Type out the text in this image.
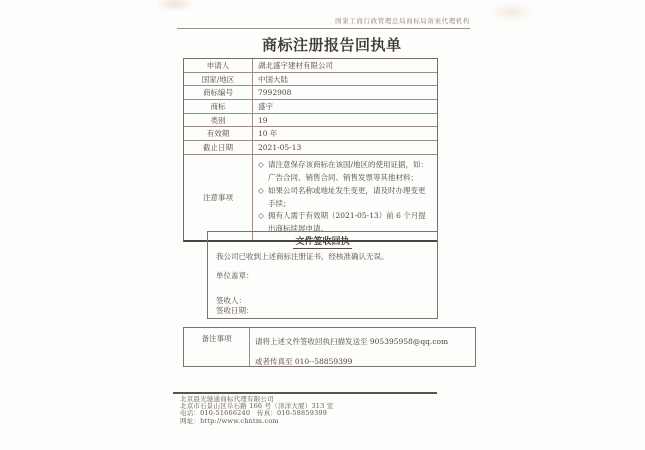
国家工商行政管理总局商标局备案代理机构
商标注册报告回执单
申请人	湖北盛宇建材有限公司
国家/地区	中国大陆
商标编号	7992908
商标	盛宇
类别	19
有效期	10 年
截止日期	2021-05-13
注意事项
◇ 请注意保存该商标在该国/地区的使用证据，如：广告合同、销售合同、销售发票等其他材料；
◇ 如果公司名称或地址发生变更，请及时办理变更手续；
◇ 拥有人需于有效期（2021-05-13）前 6 个月提出商标续展申请。
文件签收回执
我公司已收到上述商标注册证书，经核准确认无误。
单位盖章：
签收人：
签收日期：
备注事项	请将上述文件签收回执扫描发送至 905395958@qq.com
或者传真至 010--58859399
北京晨光驰通商标代理有限公司
北京市石景山区阜石路 166 号（泽洋大厦）313 室
电话：010-51666240　传真：010-58859399
网址：http://www.chntm.com
